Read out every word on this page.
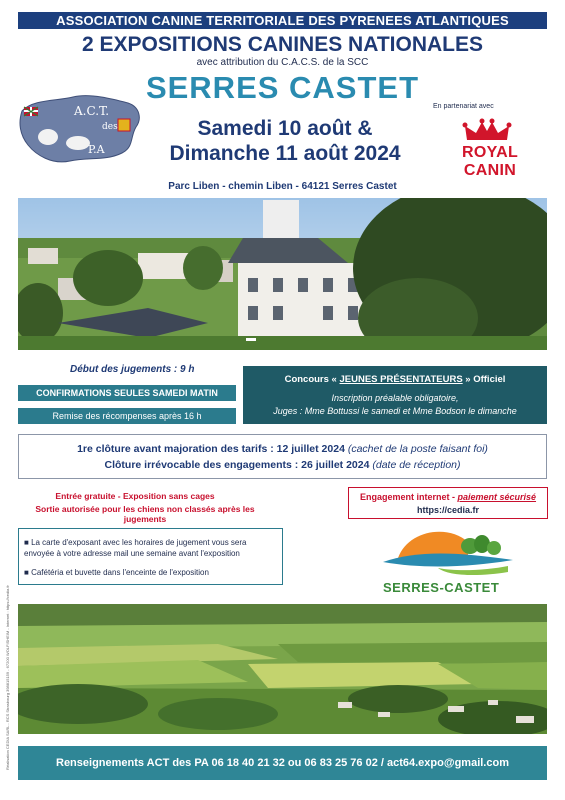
ASSOCIATION CANINE TERRITORIALE DES PYRENEES ATLANTIQUES
2 EXPOSITIONS CANINES NATIONALES
avec attribution du C.A.C.S. de la SCC
SERRES CASTET
A.C.T.
des
P.A
Samedi 10 août &
Dimanche 11 août 2024
En partenariat avec
ROYAL CANIN
Parc Liben - chemin Liben - 64121 Serres Castet
Début des jugements : 9 h
CONFIRMATIONS SEULES SAMEDI MATIN
Remise des récompenses après 16 h
Concours « JEUNES PRÉSENTATEURS » Officiel
Inscription préalable obligatoire,
Juges : Mme Bottussi le samedi et Mme Bodson le dimanche
1re clôture avant majoration des tarifs : 12 juillet 2024 (cachet de la poste faisant foi)
Clôture irrévocable des engagements : 26 juillet 2024 (date de réception)
Entrée gratuite - Exposition sans cages
Sortie autorisée pour les chiens non classés après les jugements
Engagement internet - paiement sécurisé
https://cedia.fr
■ La carte d'exposant avec les horaires de jugement vous sera envoyée à votre adresse mail une semaine avant l'exposition
■ Cafétéria et buvette dans l'enceinte de l'exposition
SERRES-CASTET
Réalisation CEDIA SARL - RCS Strasbourg 398815159 - 67200 WOLFISHEIM - Internet : https://cedia.fr	Renseignements ACT des PA 06 18 40 21 32 ou 06 83 25 76 02 / act64.expo@gmail.com
